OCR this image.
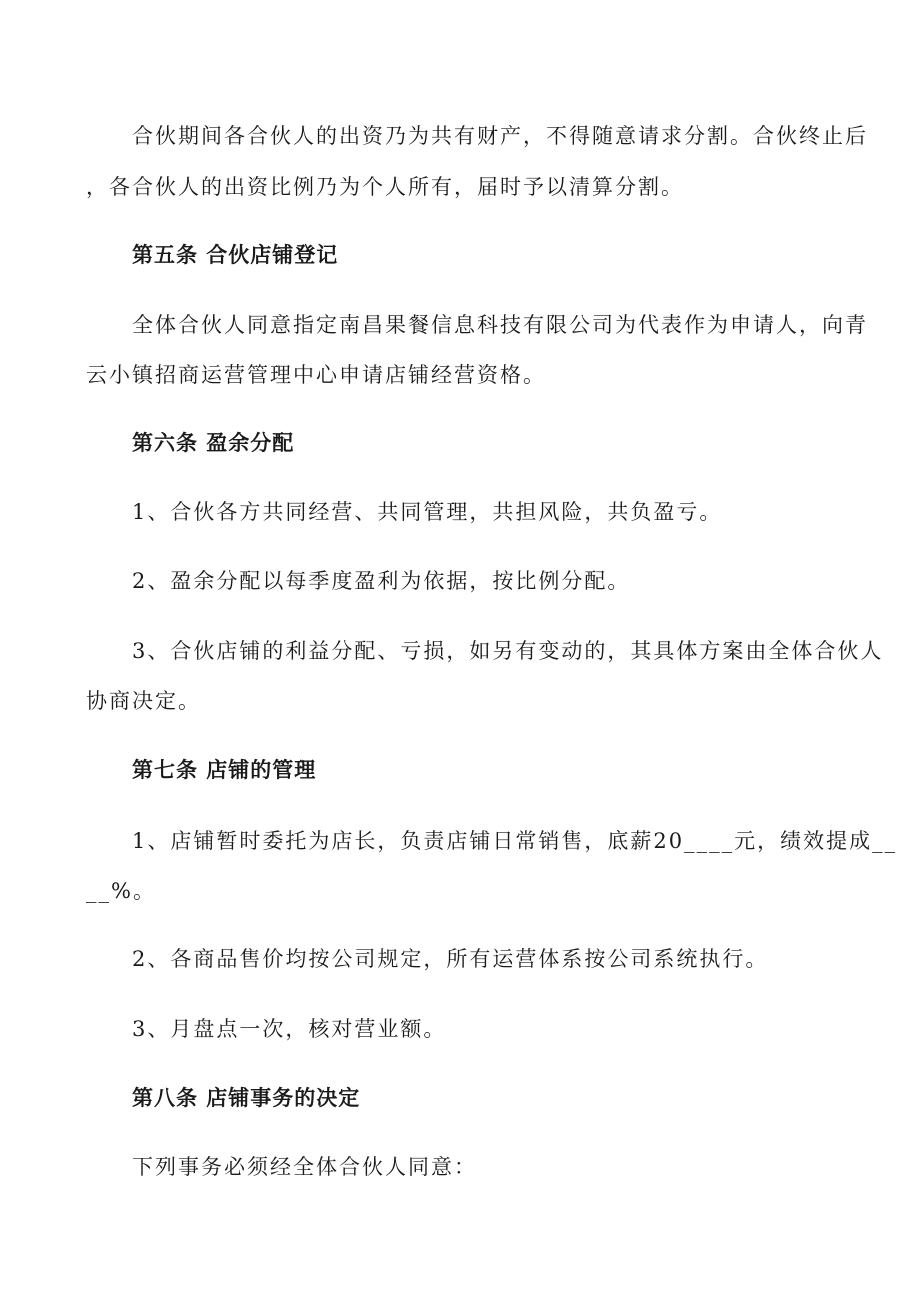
合伙期间各合伙人的出资乃为共有财产，不得随意请求分割。合伙终止后
，各合伙人的出资比例乃为个人所有，届时予以清算分割。
第五条 合伙店铺登记
全体合伙人同意指定南昌果餐信息科技有限公司为代表作为申请人，向青
云小镇招商运营管理中心申请店铺经营资格。
第六条 盈余分配
1、合伙各方共同经营、共同管理，共担风险，共负盈亏。
2、盈余分配以每季度盈利为依据，按比例分配。
3、合伙店铺的利益分配、亏损，如另有变动的，其具体方案由全体合伙人
协商决定。
第七条 店铺的管理
1、店铺暂时委托为店长，负责店铺日常销售，底薪20____元，绩效提成__
__%。
2、各商品售价均按公司规定，所有运营体系按公司系统执行。
3、月盘点一次，核对营业额。
第八条 店铺事务的决定
下列事务必须经全体合伙人同意：
